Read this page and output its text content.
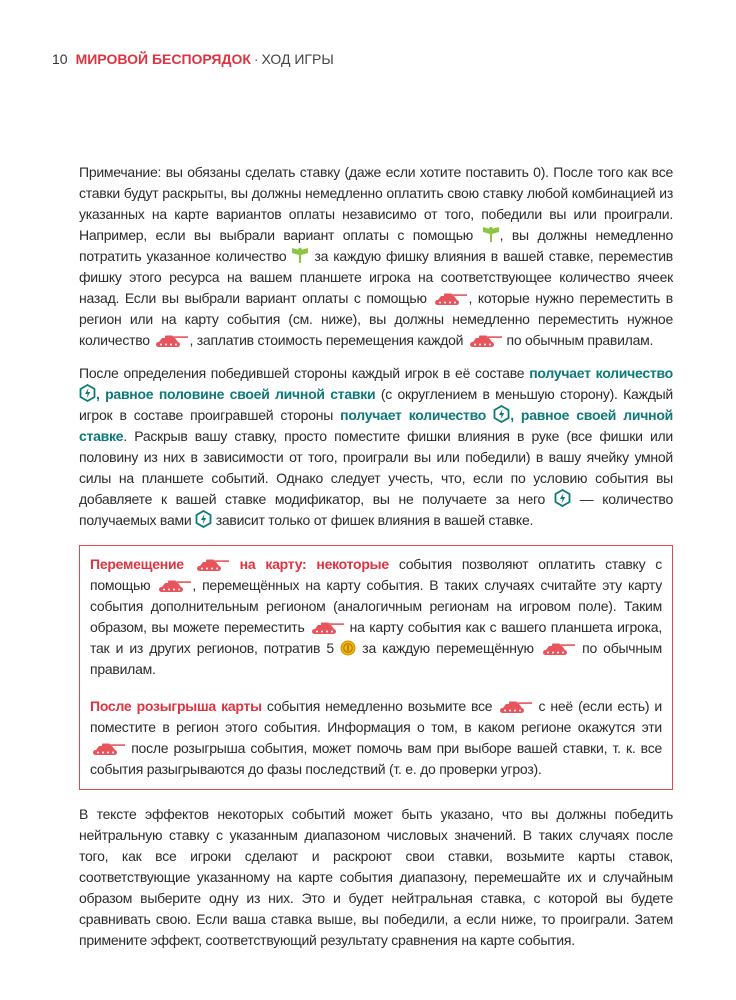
10 МИРОВОЙ БЕСПОРЯДОК · ХОД ИГРЫ

Примечание: вы обязаны сделать ставку (даже если хотите поставить 0). После того как все ставки будут раскрыты, вы должны немедленно оплатить свою ставку любой комбинацией из указанных на карте вариантов оплаты независимо от того, победили вы или проиграли. Например, если вы выбрали вариант оплаты с помощью
, вы должны немедленно потратить указанное количество
за каждую фишку влияния в вашей ставке, переместив фишку этого ресурса на вашем планшете игрока на соответствующее количество ячеек назад. Если вы выбрали вариант оплаты с помощью	, которые нужно переместить в регион или на карту события (см. ниже), вы должны немедленно переместить нужное количество	, заплатив стоимость перемещения каждой	по обычным правилам.

После определения победившей стороны каждый игрок в её составе получает количество
, равное половине своей личной ставки (с округлением в меньшую сторону). Каждый игрок в составе проигравшей стороны получает количество
, равное своей личной ставке. Раскрыв вашу ставку, просто поместите фишки влияния в руке (все фишки или половину из них в зависимости от того, проиграли вы или победили) в вашу ячейку умной силы на планшете событий. Однако следует учесть, что, если по условию события вы добавляете к вашей ставке модификатор, вы не получаете за него
— количество получаемых вами
зависит только от фишек влияния в вашей ставке.

Перемещение	на карту: некоторые события позволяют оплатить ставку с помощью	, перемещённых на карту события. В таких случаях считайте эту карту события дополнительным регионом (аналогичным регионам на игровом поле). Таким образом, вы можете переместить	на карту события как с вашего планшета игрока, так и из других регионов, потратив 5
за каждую перемещённую	по обычным правилам.

После розыгрыша карты события немедленно возьмите все	с неё (если есть) и поместите в регион этого события. Информация о том, в каком регионе окажутся эти
после розыгрыша события, может помочь вам при выборе вашей ставки, т. к. все события разыгрываются до фазы последствий (т. е. до проверки угроз).

В тексте эффектов некоторых событий может быть указано, что вы должны победить нейтральную ставку с указанным диапазоном числовых значений. В таких случаях после того, как все игроки сделают и раскроют свои ставки, возьмите карты ставок, соответствующие указанному на карте события диапазону, перемешайте их и случайным образом выберите одну из них. Это и будет нейтральная ставка, с которой вы будете сравнивать свою. Если ваша ставка выше, вы победили, а если ниже, то проиграли. Затем примените эффект, соответствующий результату сравнения на карте события.
